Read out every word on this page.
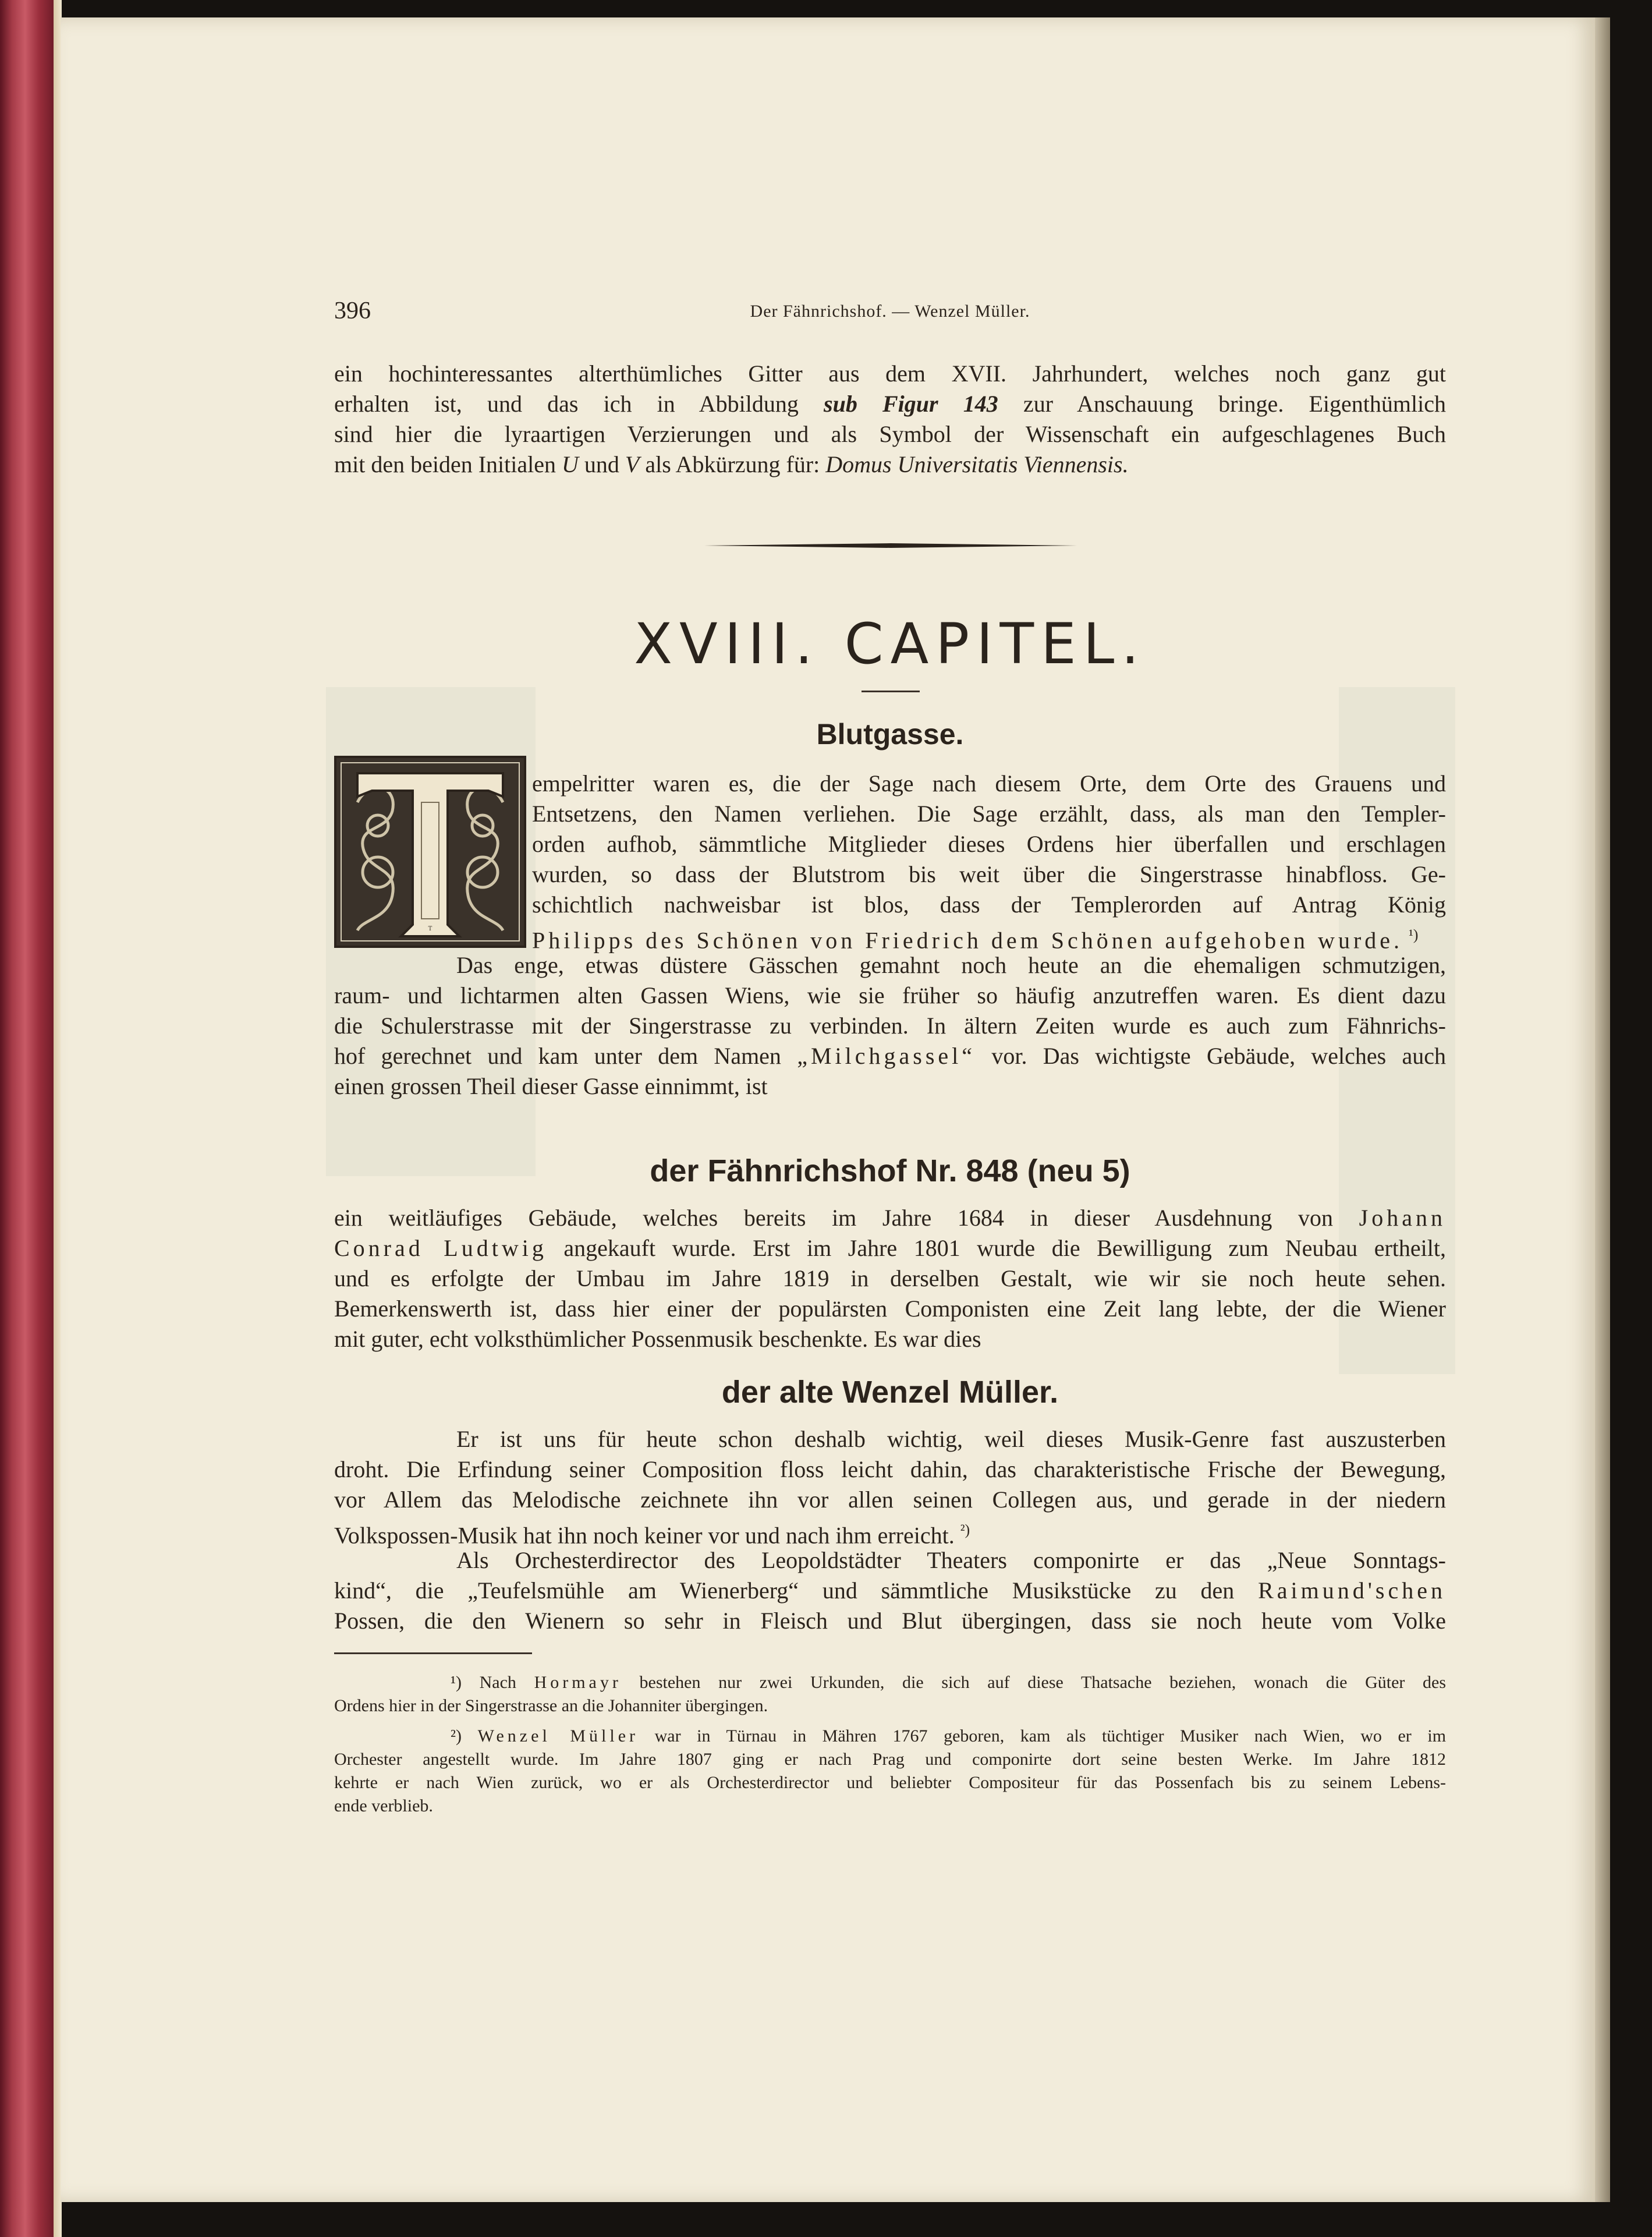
396	Der Fähnrichshof. — Wenzel Müller.
ein hochinteressantes alterthümliches Gitter aus dem XVII. Jahrhundert, welches noch ganz gut
erhalten ist, und das ich in Abbildung sub Figur 143 zur Anschauung bringe. Eigenthümlich
sind hier die lyraartigen Verzierungen und als Symbol der Wissenschaft ein aufgeschlagenes Buch
mit den beiden Initialen U und V als Abkürzung für: Domus Universitatis Viennensis.
XVIII. CAPITEL.
Blutgasse.
T
empelritter waren es, die der Sage nach diesem Orte, dem Orte des Grauens und
Entsetzens, den Namen verliehen. Die Sage erzählt, dass, als man den Templer-
orden aufhob, sämmtliche Mitglieder dieses Ordens hier überfallen und erschlagen
wurden, so dass der Blutstrom bis weit über die Singerstrasse hinabfloss. Ge-
schichtlich nachweisbar ist blos, dass der Templerorden auf Antrag König
Philipps des Schönen von Friedrich dem Schönen aufgehoben wurde. $^{^1)}$
Das enge, etwas düstere Gässchen gemahnt noch heute an die ehemaligen schmutzigen,
raum- und lichtarmen alten Gassen Wiens, wie sie früher so häufig anzutreffen waren. Es dient dazu
die Schulerstrasse mit der Singerstrasse zu verbinden. In ältern Zeiten wurde es auch zum Fähnrichs-
hof gerechnet und kam unter dem Namen „Milchgassel“ vor. Das wichtigste Gebäude, welches auch
einen grossen Theil dieser Gasse einnimmt, ist
der Fähnrichshof Nr. 848 (neu 5)
ein weitläufiges Gebäude, welches bereits im Jahre 1684 in dieser Ausdehnung von Johann
Conrad Ludtwig angekauft wurde. Erst im Jahre 1801 wurde die Bewilligung zum Neubau ertheilt,
und es erfolgte der Umbau im Jahre 1819 in derselben Gestalt, wie wir sie noch heute sehen.
Bemerkenswerth ist, dass hier einer der populärsten Componisten eine Zeit lang lebte, der die Wiener
mit guter, echt volksthümlicher Possenmusik beschenkte. Es war dies
der alte Wenzel Müller.
Er ist uns für heute schon deshalb wichtig, weil dieses Musik-Genre fast auszusterben
droht. Die Erfindung seiner Composition floss leicht dahin, das charakteristische Frische der Bewegung,
vor Allem das Melodische zeichnete ihn vor allen seinen Collegen aus, und gerade in der niedern
Volkspossen-Musik hat ihn noch keiner vor und nach ihm erreicht. $^{^2)}$
Als Orchesterdirector des Leopoldstädter Theaters componirte er das „Neue Sonntags-
kind“, die „Teufelsmühle am Wienerberg“ und sämmtliche Musikstücke zu den Raimund'schen
Possen, die den Wienern so sehr in Fleisch und Blut übergingen, dass sie noch heute vom Volke
¹) Nach Hormayr bestehen nur zwei Urkunden, die sich auf diese Thatsache beziehen, wonach die Güter des
Ordens hier in der Singerstrasse an die Johanniter übergingen.
²) Wenzel Müller war in Türnau in Mähren 1767 geboren, kam als tüchtiger Musiker nach Wien, wo er im
Orchester angestellt wurde. Im Jahre 1807 ging er nach Prag und componirte dort seine besten Werke. Im Jahre 1812
kehrte er nach Wien zurück, wo er als Orchesterdirector und beliebter Compositeur für das Possenfach bis zu seinem Lebens-
ende verblieb.
